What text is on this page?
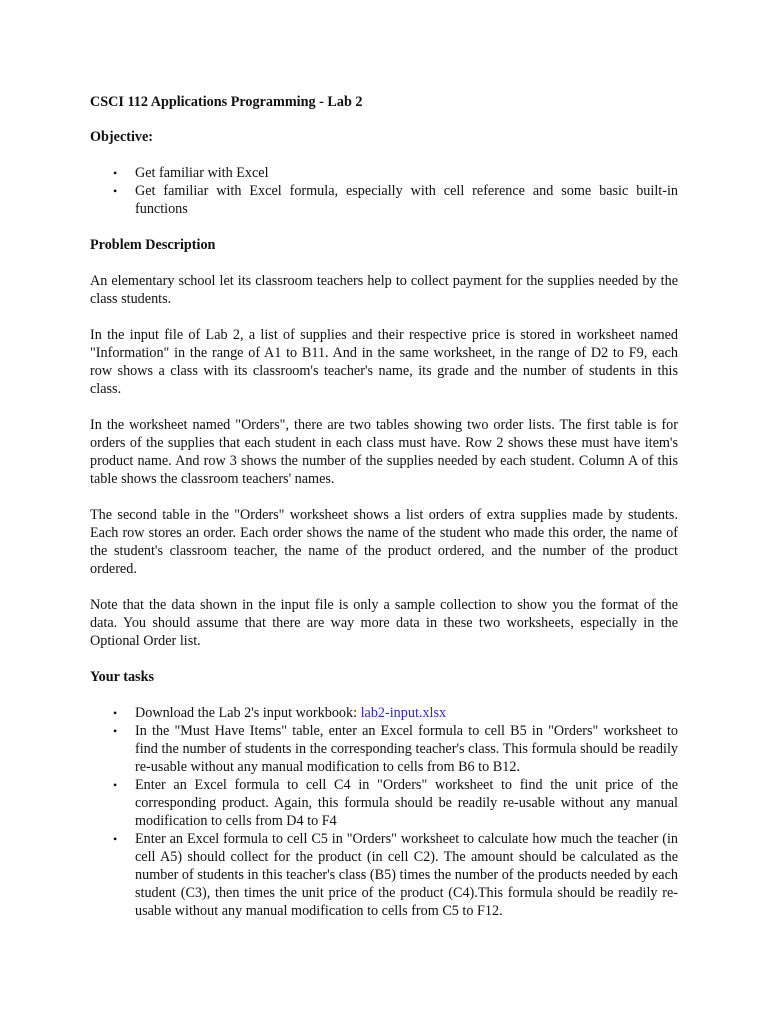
CSCI 112 Applications Programming - Lab 2
Objective:
• Get familiar with Excel
• Get familiar with Excel formula, especially with cell reference and some basic built-in functions
Problem Description

An elementary school let its classroom teachers help to collect payment for the supplies needed by the class students.

In the input file of Lab 2, a list of supplies and their respective price is stored in worksheet named "Information" in the range of A1 to B11. And in the same worksheet, in the range of D2 to F9, each row shows a class with its classroom's teacher's name, its grade and the number of students in this class.

In the worksheet named "Orders", there are two tables showing two order lists. The first table is for orders of the supplies that each student in each class must have. Row 2 shows these must have item's product name. And row 3 shows the number of the supplies needed by each student. Column A of this table shows the classroom teachers' names.

The second table in the "Orders" worksheet shows a list orders of extra supplies made by students. Each row stores an order. Each order shows the name of the student who made this order, the name of the student's classroom teacher, the name of the product ordered, and the number of the product ordered.

Note that the data shown in the input file is only a sample collection to show you the format of the data. You should assume that there are way more data in these two worksheets, especially in the Optional Order list.

Your tasks
• Download the Lab 2's input workbook: lab2-input.xlsx
• In the "Must Have Items" table, enter an Excel formula to cell B5 in "Orders" worksheet to find the number of students in the corresponding teacher's class. This formula should be readily re-usable without any manual modification to cells from B6 to B12.
• Enter an Excel formula to cell C4 in "Orders" worksheet to find the unit price of the corresponding product. Again, this formula should be readily re-usable without any manual modification to cells from D4 to F4
• Enter an Excel formula to cell C5 in "Orders" worksheet to calculate how much the teacher (in cell A5) should collect for the product (in cell C2). The amount should be calculated as the number of students in this teacher's class (B5) times the number of the products needed by each student (C3), then times the unit price of the product (C4).This formula should be readily re-usable without any manual modification to cells from C5 to F12.
